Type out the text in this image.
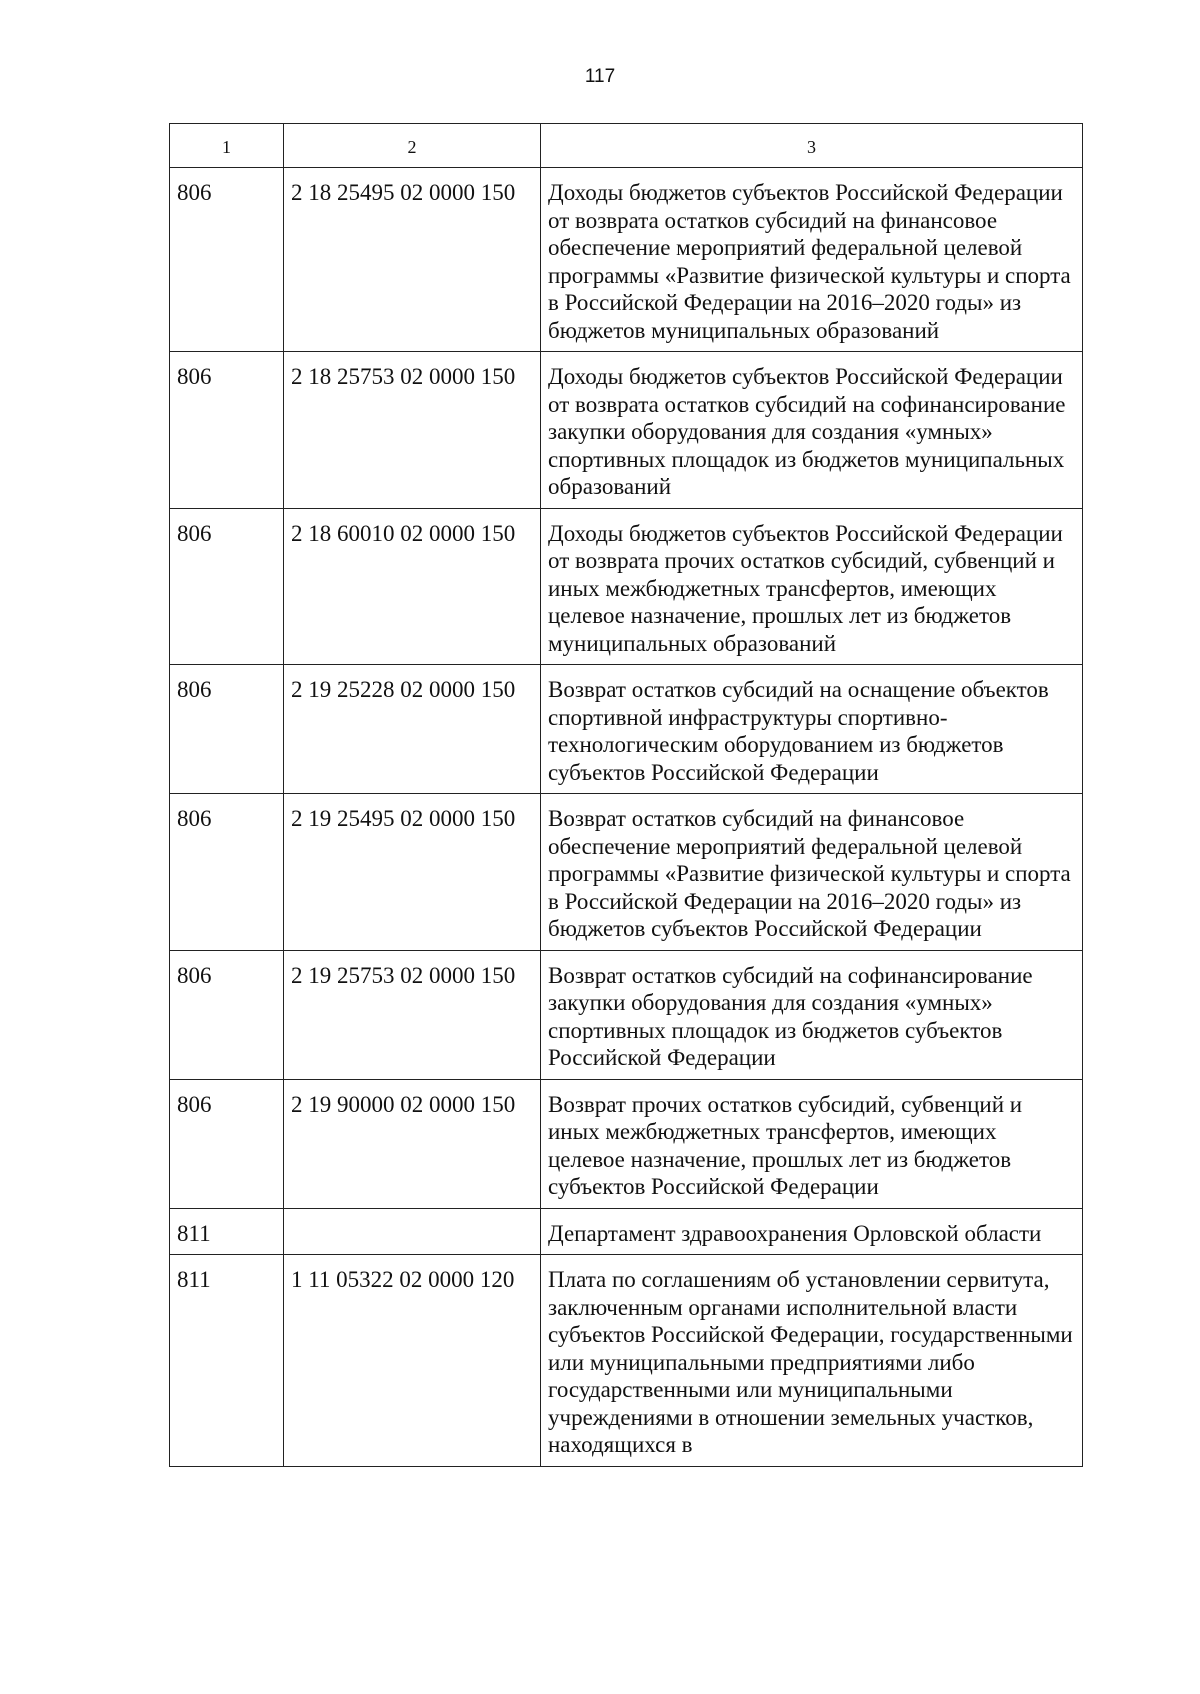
117
1	2	3
806	2 18 25495 02 0000 150	Доходы бюджетов субъектов Российской Федерации от возврата остатков субсидий на финансовое обеспечение мероприятий федеральной целевой программы «Развитие физической культуры и спорта в Российской Федерации на 2016–2020 годы» из бюджетов муниципальных образований
806	2 18 25753 02 0000 150	Доходы бюджетов субъектов Российской Федерации от возврата остатков субсидий на софинансирование закупки оборудования для создания «умных» спортивных площадок из бюджетов муниципальных образований
806	2 18 60010 02 0000 150	Доходы бюджетов субъектов Российской Федерации от возврата прочих остатков субсидий, субвенций и иных межбюджетных трансфертов, имеющих целевое назначение, прошлых лет из бюджетов муниципальных образований
806	2 19 25228 02 0000 150	Возврат остатков субсидий на оснащение объектов спортивной инфраструктуры спортивно-технологическим оборудованием из бюджетов субъектов Российской Федерации
806	2 19 25495 02 0000 150	Возврат остатков субсидий на финансовое обеспечение мероприятий федеральной целевой программы «Развитие физической культуры и спорта в Российской Федерации на 2016–2020 годы» из бюджетов субъектов Российской Федерации
806	2 19 25753 02 0000 150	Возврат остатков субсидий на софинансирование закупки оборудования для создания «умных» спортивных площадок из бюджетов субъектов Российской Федерации
806	2 19 90000 02 0000 150	Возврат прочих остатков субсидий, субвенций и иных межбюджетных трансфертов, имеющих целевое назначение, прошлых лет из бюджетов субъектов Российской Федерации
811		Департамент здравоохранения Орловской области
811	1 11 05322 02 0000 120	Плата по соглашениям об установлении сервитута, заключенным органами исполнительной власти субъектов Российской Федерации, государственными или муниципальными предприятиями либо государственными или муниципальными учреждениями в отношении земельных участков, находящихся в
